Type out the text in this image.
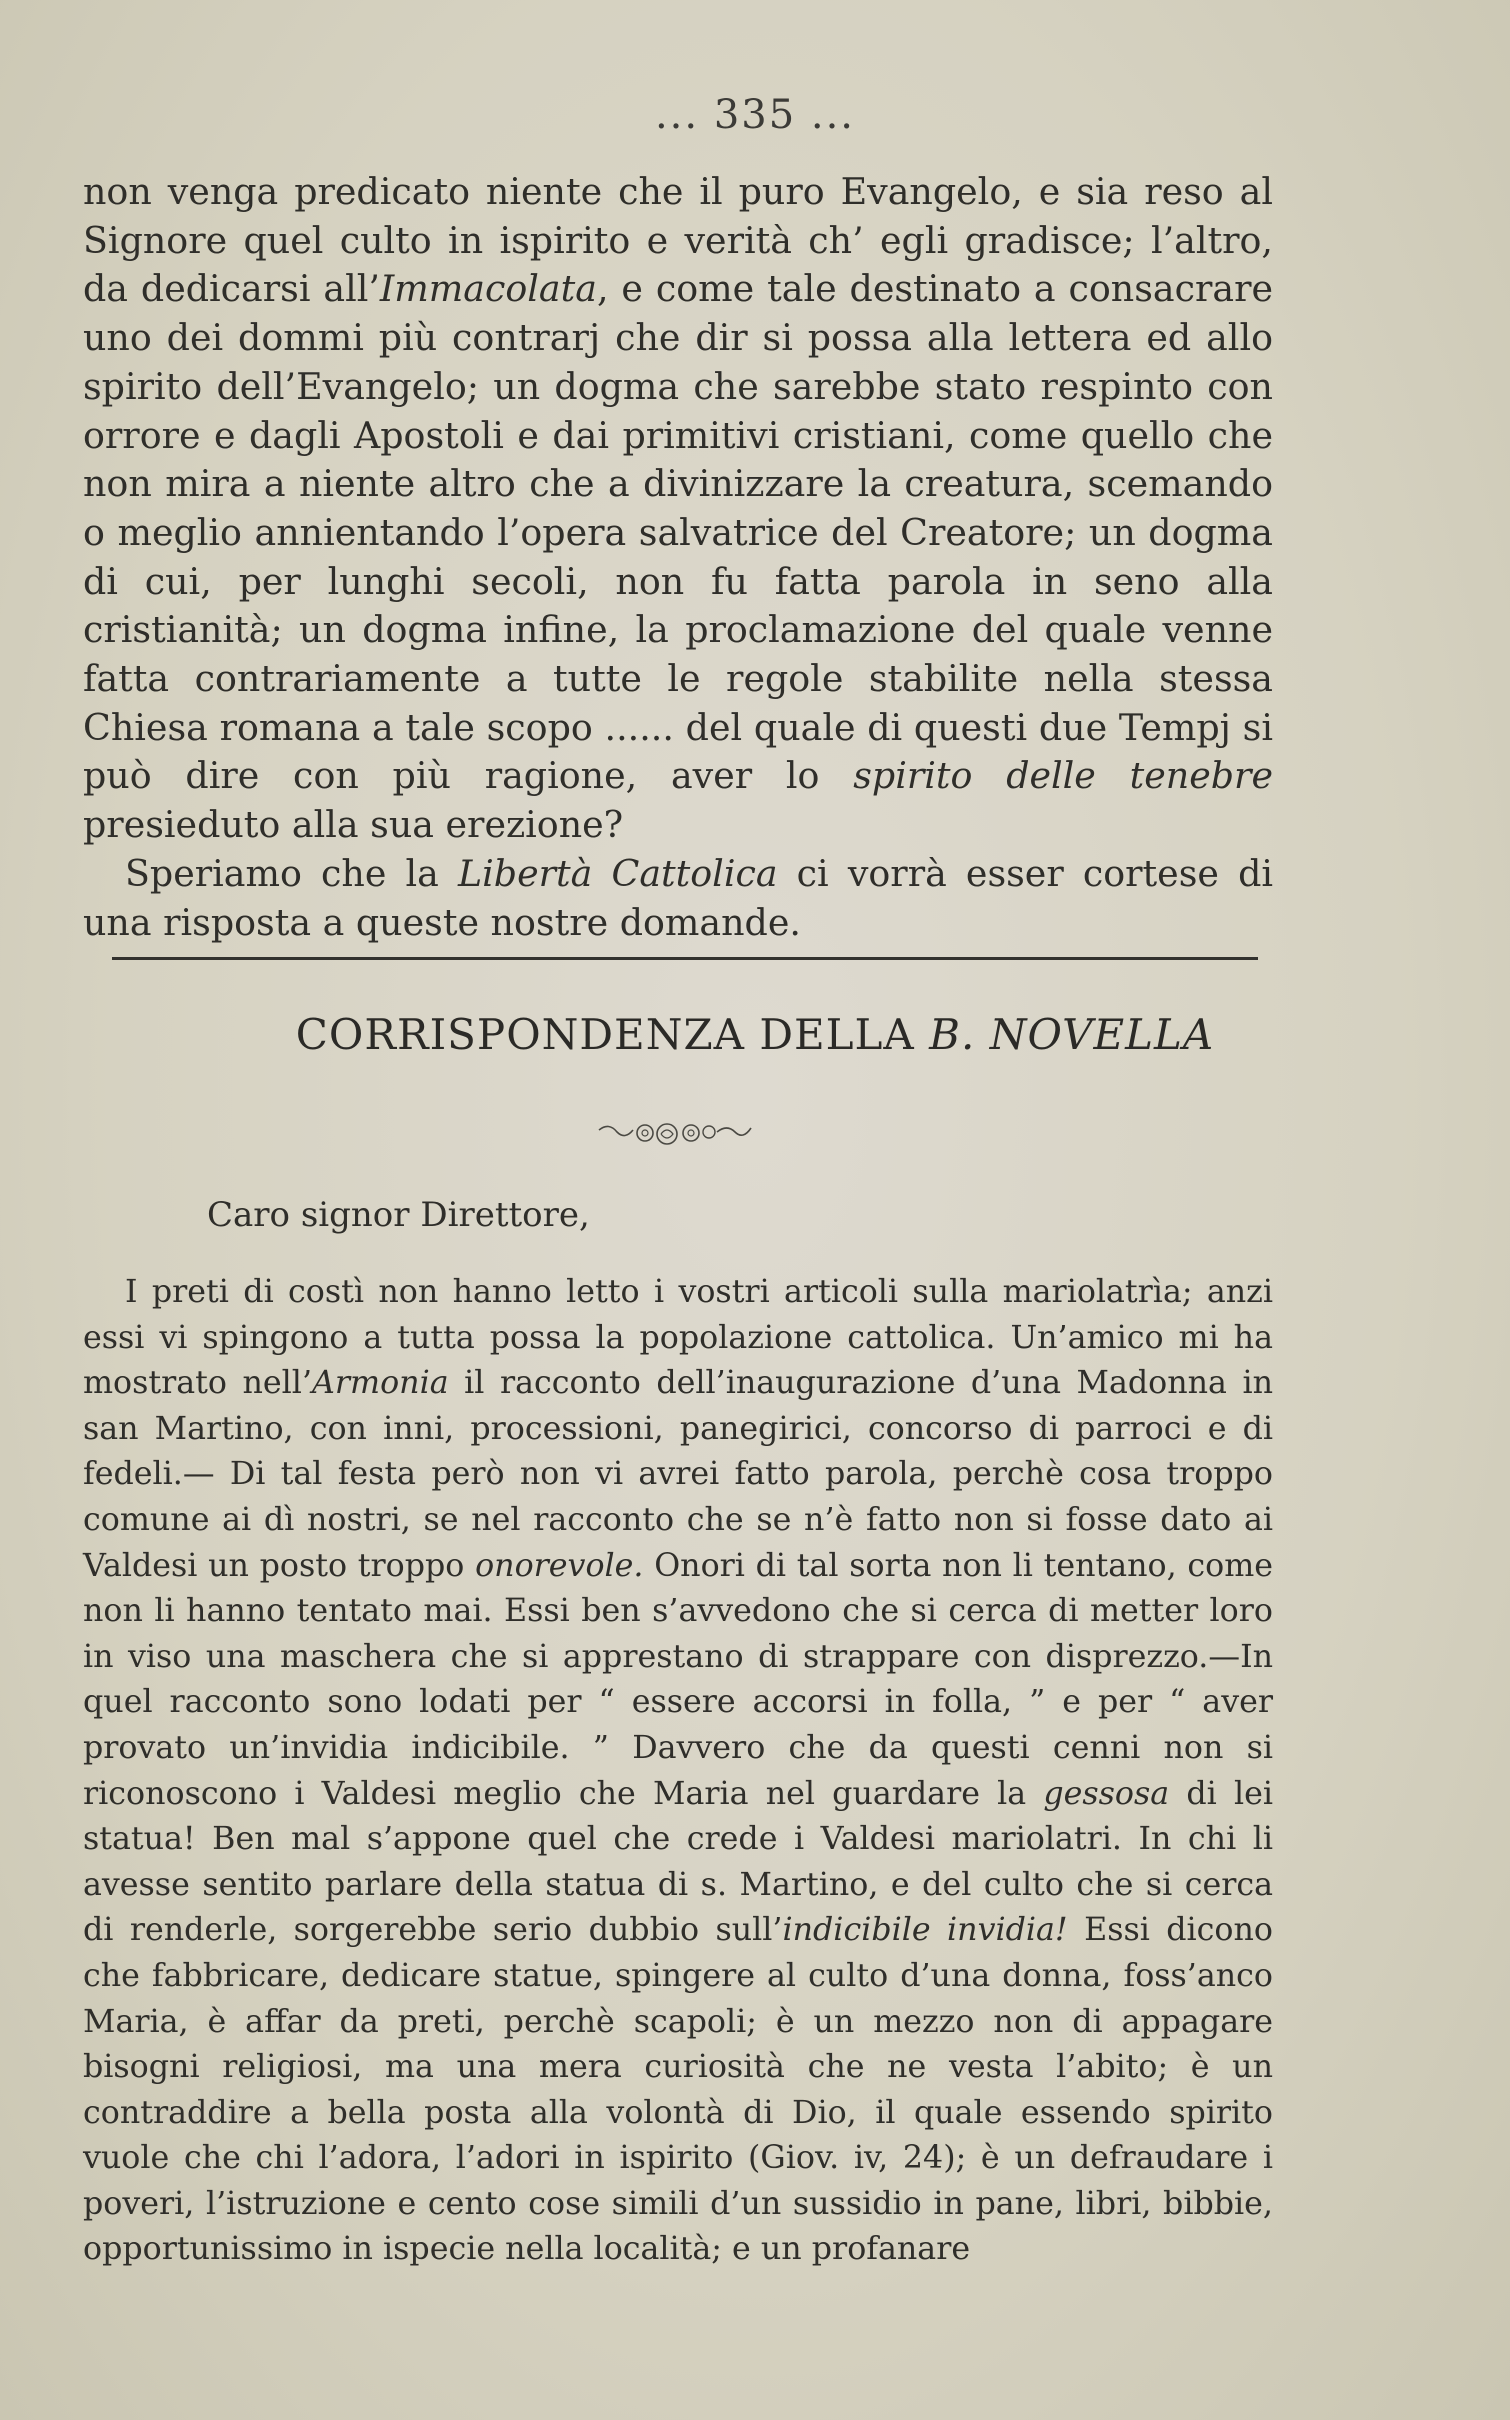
... 335 ...

non venga predicato niente che il puro Evangelo, e sia reso al Signore quel culto in ispirito e verità ch’ egli gradisce; l’altro, da dedicarsi all’Immacolata, e come tale destinato a consacrare uno dei dommi più contrarj che dir si possa alla lettera ed allo spirito dell’Evangelo; un dogma che sarebbe stato respinto con orrore e dagli Apostoli e dai primitivi cristiani, come quello che non mira a niente altro che a divinizzare la creatura, scemando o meglio annientando l’opera salvatrice del Creatore; un dogma di cui, per lunghi secoli, non fu fatta parola in seno alla cristianità; un dogma infine, la proclamazione del quale venne fatta contrariamente a tutte le regole stabilite nella stessa Chiesa romana a tale scopo ...... del quale di questi due Tempj si può dire con più ragione, aver lo spirito delle tenebre presieduto alla sua erezione?

Speriamo che la Libertà Cattolica ci vorrà esser cortese di una risposta a queste nostre domande.

CORRISPONDENZA DELLA B. NOVELLA
Caro signor Direttore,

I preti di costì non hanno letto i vostri articoli sulla mariolatrìa; anzi essi vi spingono a tutta possa la popolazione cattolica. Un’amico mi ha mostrato nell’Armonia il racconto dell’inaugurazione d’una Madonna in san Martino, con inni, processioni, panegirici, concorso di parroci e di fedeli.— Di tal festa però non vi avrei fatto parola, perchè cosa troppo comune ai dì nostri, se nel racconto che se n’è fatto non si fosse dato ai Valdesi un posto troppo onorevole. Onori di tal sorta non li tentano, come non li hanno tentato mai. Essi ben s’avvedono che si cerca di metter loro in viso una maschera che si apprestano di strappare con disprezzo.—In quel racconto sono lodati per “ essere accorsi in folla, ” e per “ aver provato un’invidia indicibile. ” Davvero che da questi cenni non si riconoscono i Valdesi meglio che Maria nel guardare la gessosa di lei statua! Ben mal s’appone quel che crede i Valdesi mariolatri. In chi li avesse sentito parlare della statua di s. Martino, e del culto che si cerca di renderle, sorgerebbe serio dubbio sull’indicibile invidia! Essi dicono che fabbricare, dedicare statue, spingere al culto d’una donna, foss’anco Maria, è affar da preti, perchè scapoli; è un mezzo non di appagare bisogni religiosi, ma una mera curiosità che ne vesta l’abito; è un contraddire a bella posta alla volontà di Dio, il quale essendo spirito vuole che chi l’adora, l’adori in ispirito (Giov. iv, 24); è un defraudare i poveri, l’istruzione e cento cose simili d’un sussidio in pane, libri, bibbie, opportunissimo in ispecie nella località; e un profanare
